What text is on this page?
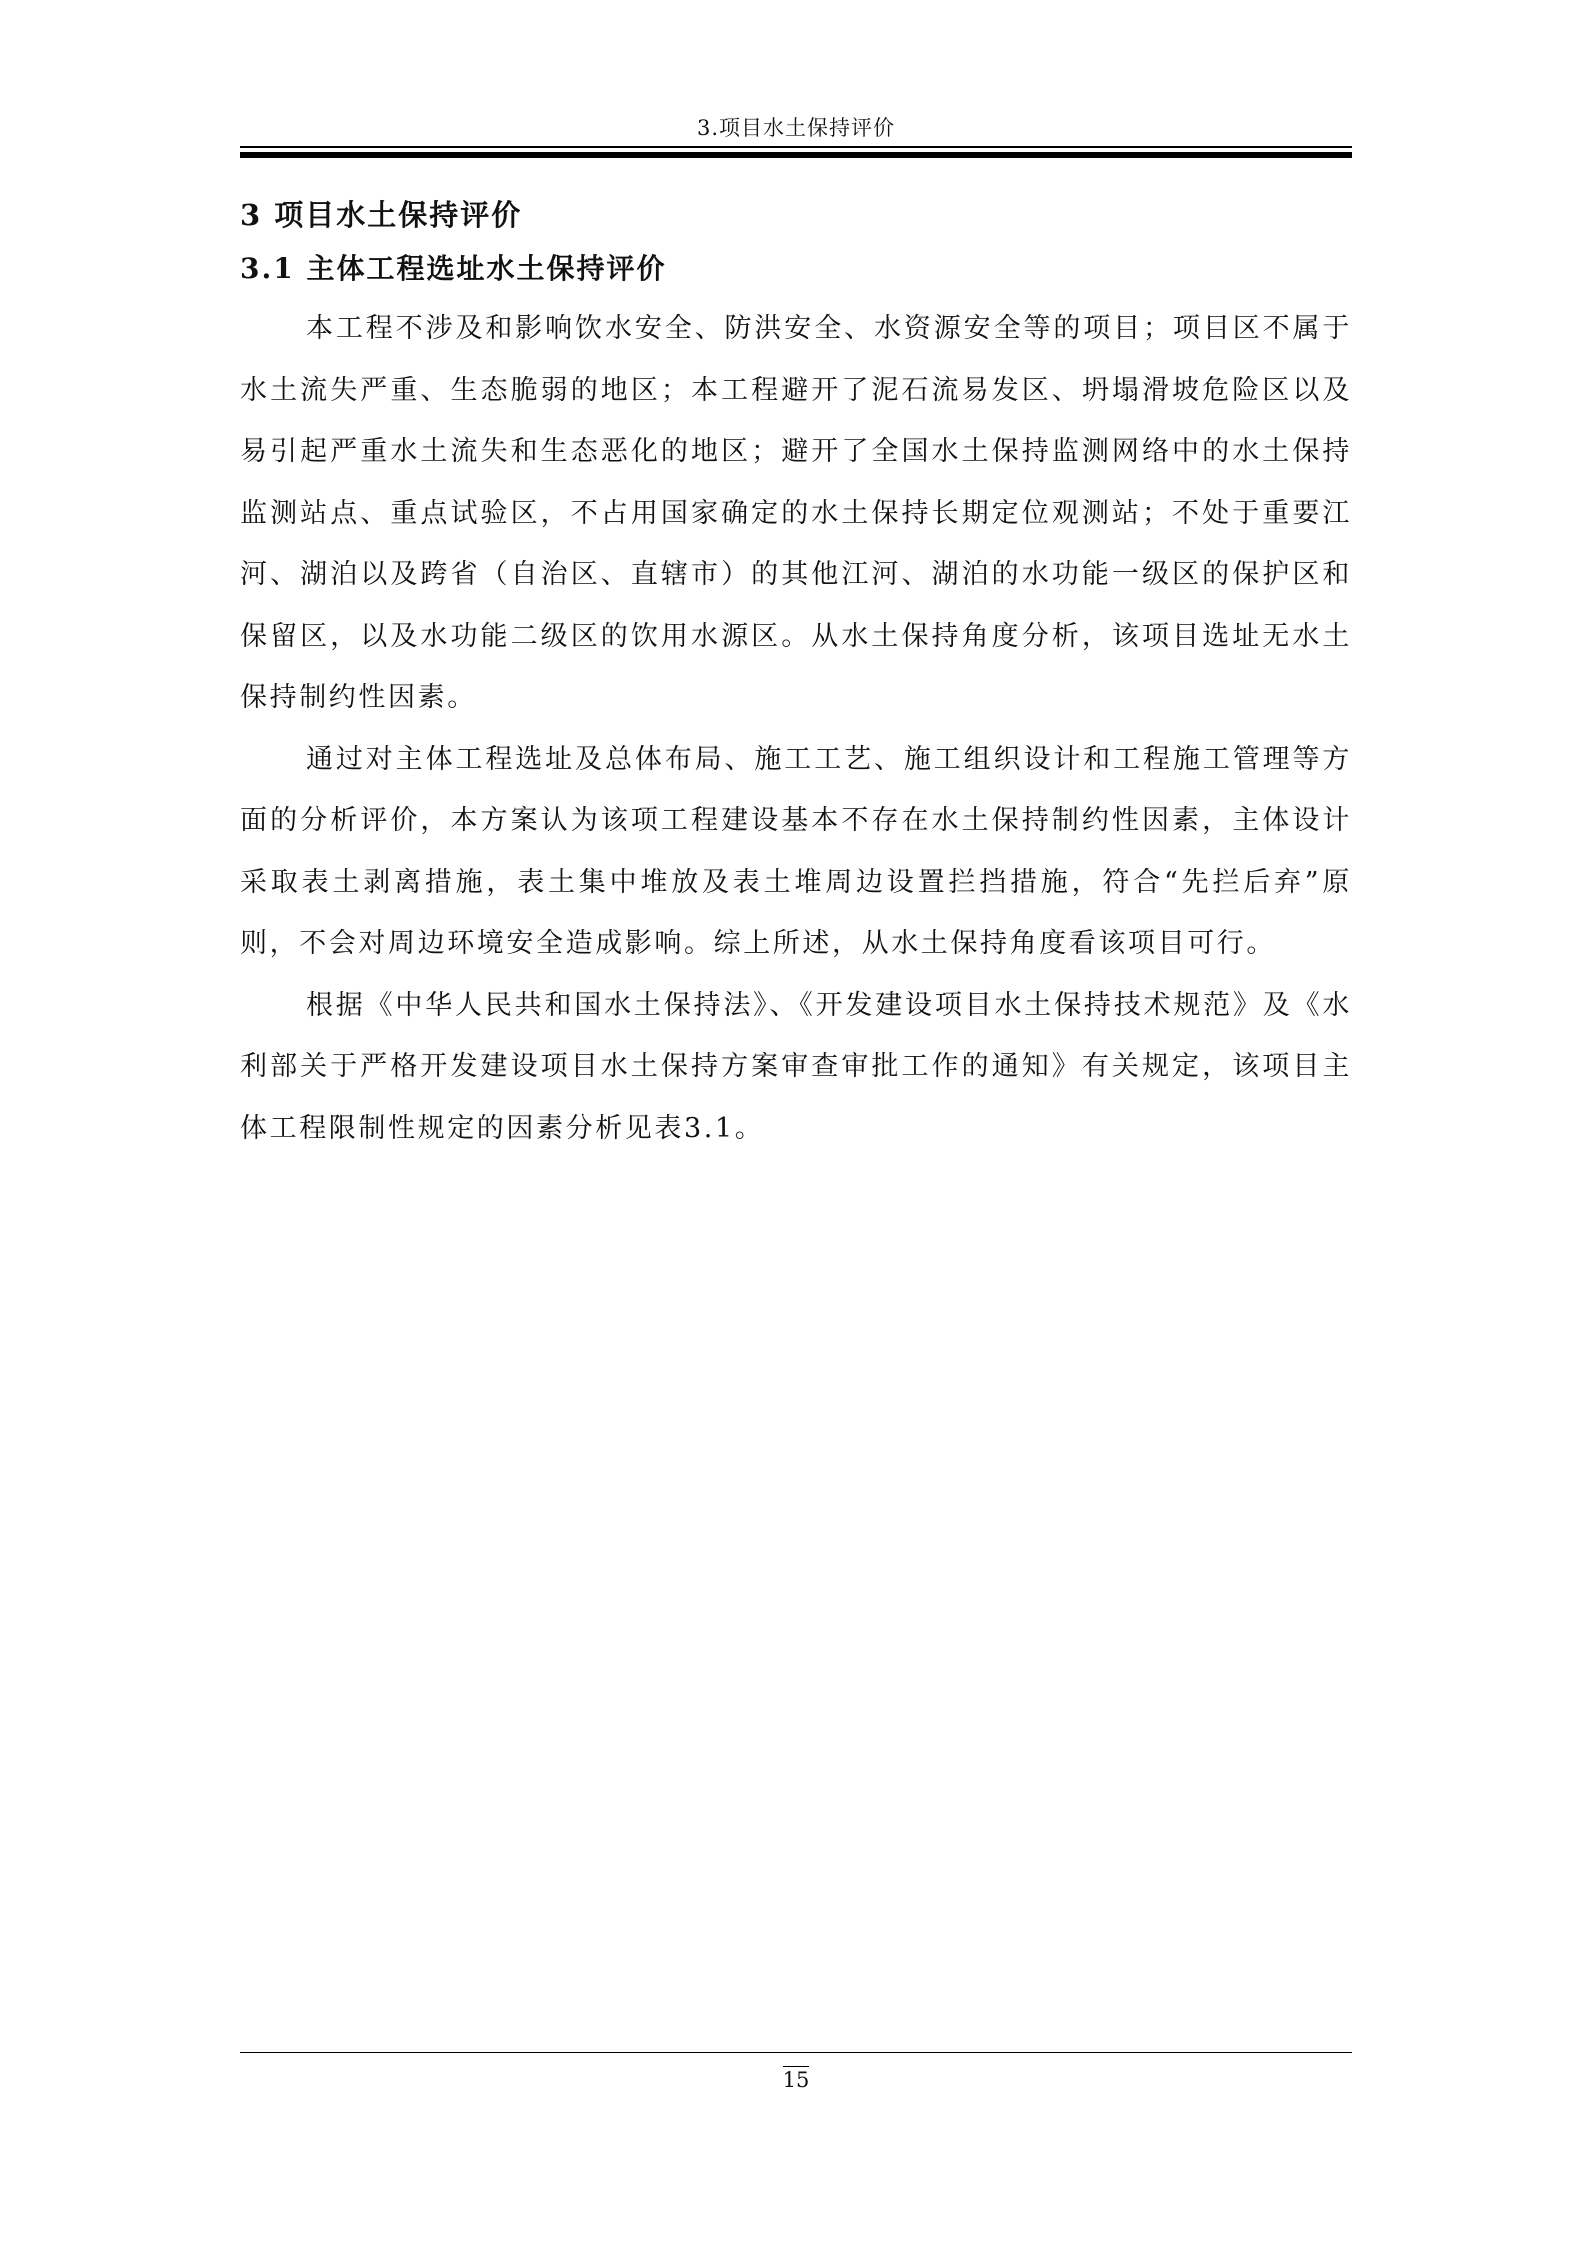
3.项目水土保持评价
3 项目水土保持评价
3.1 主体工程选址水土保持评价

本工程不涉及和影响饮水安全、防洪安全、水资源安全等的项目；项目区不属于水土流失严重、生态脆弱的地区；本工程避开了泥石流易发区、坍塌滑坡危险区以及易引起严重水土流失和生态恶化的地区；避开了全国水土保持监测网络中的水土保持监测站点、重点试验区，不占用国家确定的水土保持长期定位观测站；不处于重要江河、湖泊以及跨省（自治区、直辖市）的其他江河、湖泊的水功能一级区的保护区和保留区，以及水功能二级区的饮用水源区。从水土保持角度分析，该项目选址无水土保持制约性因素。

通过对主体工程选址及总体布局、施工工艺、施工组织设计和工程施工管理等方面的分析评价，本方案认为该项工程建设基本不存在水土保持制约性因素，主体设计采取表土剥离措施，表土集中堆放及表土堆周边设置拦挡措施，符合“先拦后弃”原则，不会对周边环境安全造成影响。综上所述，从水土保持角度看该项目可行。

根据《中华人民共和国水土保持法》、《开发建设项目水土保持技术规范》及《水利部关于严格开发建设项目水土保持方案审查审批工作的通知》有关规定，该项目主体工程限制性规定的因素分析见表3.1。

15
